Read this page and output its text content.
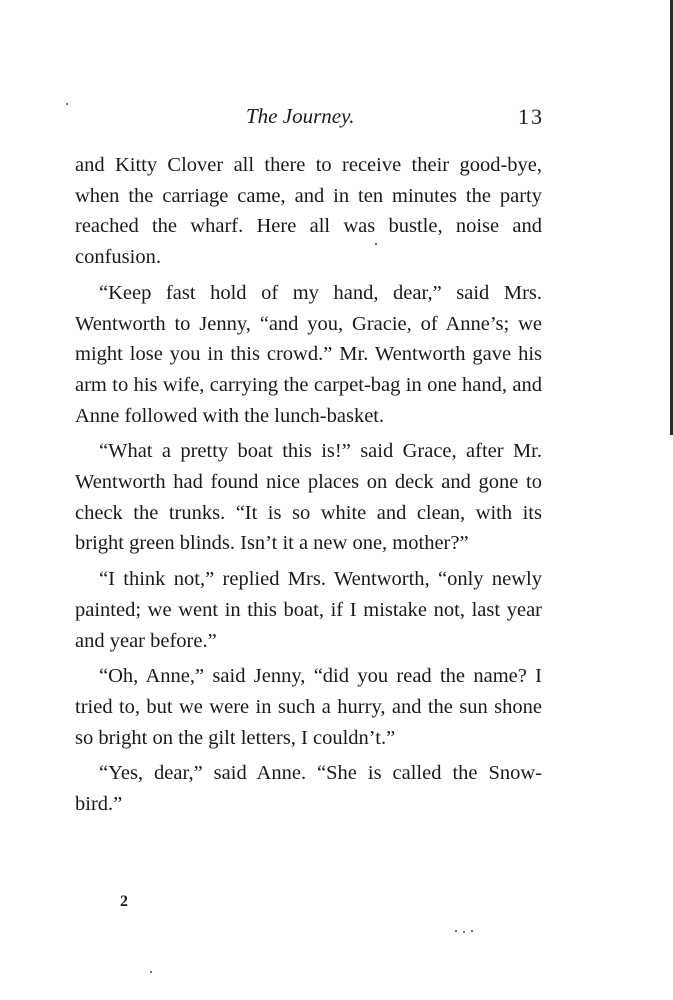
The Journey.	13

and Kitty Clover all there to receive their good-bye, when the carriage came, and in ten minutes the party reached the wharf. Here all was bustle, noise and confusion.

“Keep fast hold of my hand, dear,” said Mrs. Wentworth to Jenny, “and you, Gracie, of Anne’s; we might lose you in this crowd.” Mr. Wentworth gave his arm to his wife, carrying the carpet-bag in one hand, and Anne followed with the lunch-basket.

“What a pretty boat this is!” said Grace, after Mr. Wentworth had found nice places on deck and gone to check the trunks. “It is so white and clean, with its bright green blinds. Isn’t it a new one, mother?”

“I think not,” replied Mrs. Wentworth, “only newly painted; we went in this boat, if I mistake not, last year and year before.”

“Oh, Anne,” said Jenny, “did you read the name? I tried to, but we were in such a hurry, and the sun shone so bright on the gilt letters, I couldn’t.”

“Yes, dear,” said Anne. “She is called the Snow-bird.”

2
